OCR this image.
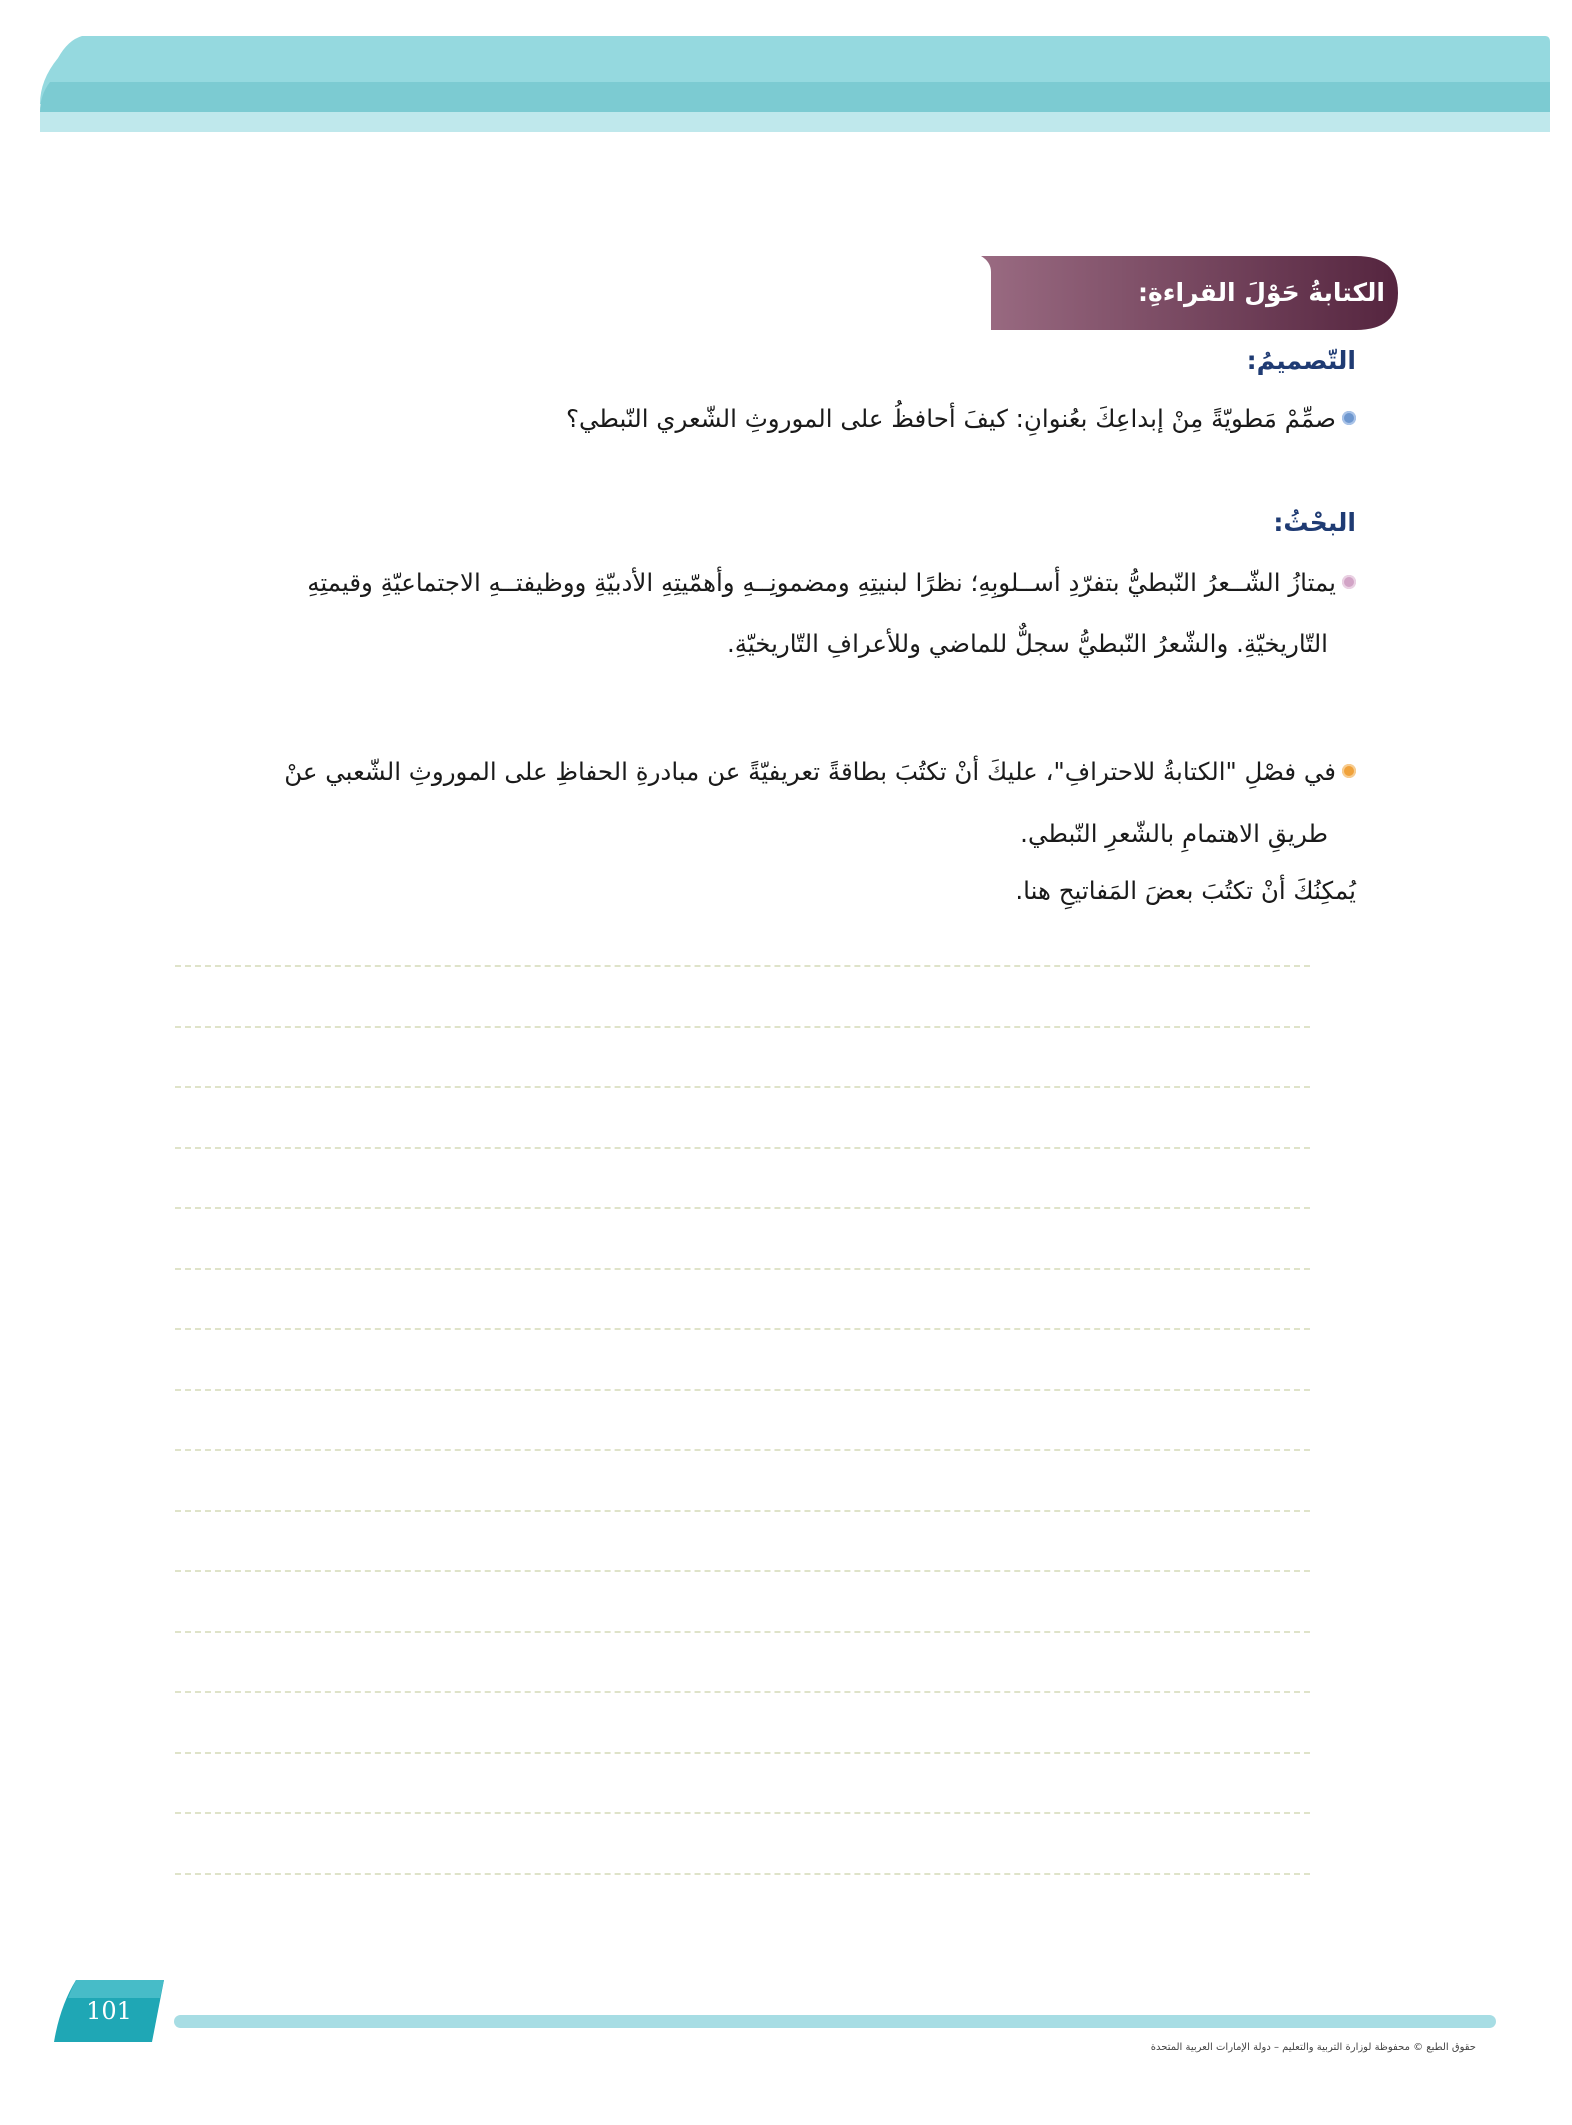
الكتابةُ حَوْلَ القراءةِ:
التّصميمُ:
صمِّمْ مَطويّةً مِنْ إبداعِكَ بعُنوانِ: كيفَ أحافظُ على الموروثِ الشّعري النّبطي؟
البحْثُ:
يمتازُ الشّــعرُ النّبطيُّ بتفرّدِ أســلوبِهِ؛ نظرًا لبنيتِهِ ومضمونِــهِ وأهمّيتِهِ الأدبيّةِ ووظيفتــهِ الاجتماعيّةِ وقيمتِهِ
التّاريخيّةِ. والشّعرُ النّبطيُّ سجلٌّ للماضي وللأعرافِ التّاريخيّةِ.
في فصْلِ "الكتابةُ للاحترافِ"، عليكَ أنْ تكتُبَ بطاقةً تعريفيّةً عن مبادرةِ الحفاظِ على الموروثِ الشّعبي عنْ
طريقِ الاهتمامِ بالشّعرِ النّبطي.
يُمكِنُكَ أنْ تكتُبَ بعضَ المَفاتيحِ هنا.
101
حقوق الطبع © محفوظة لوزارة التربية والتعليم – دولة الإمارات العربية المتحدة
